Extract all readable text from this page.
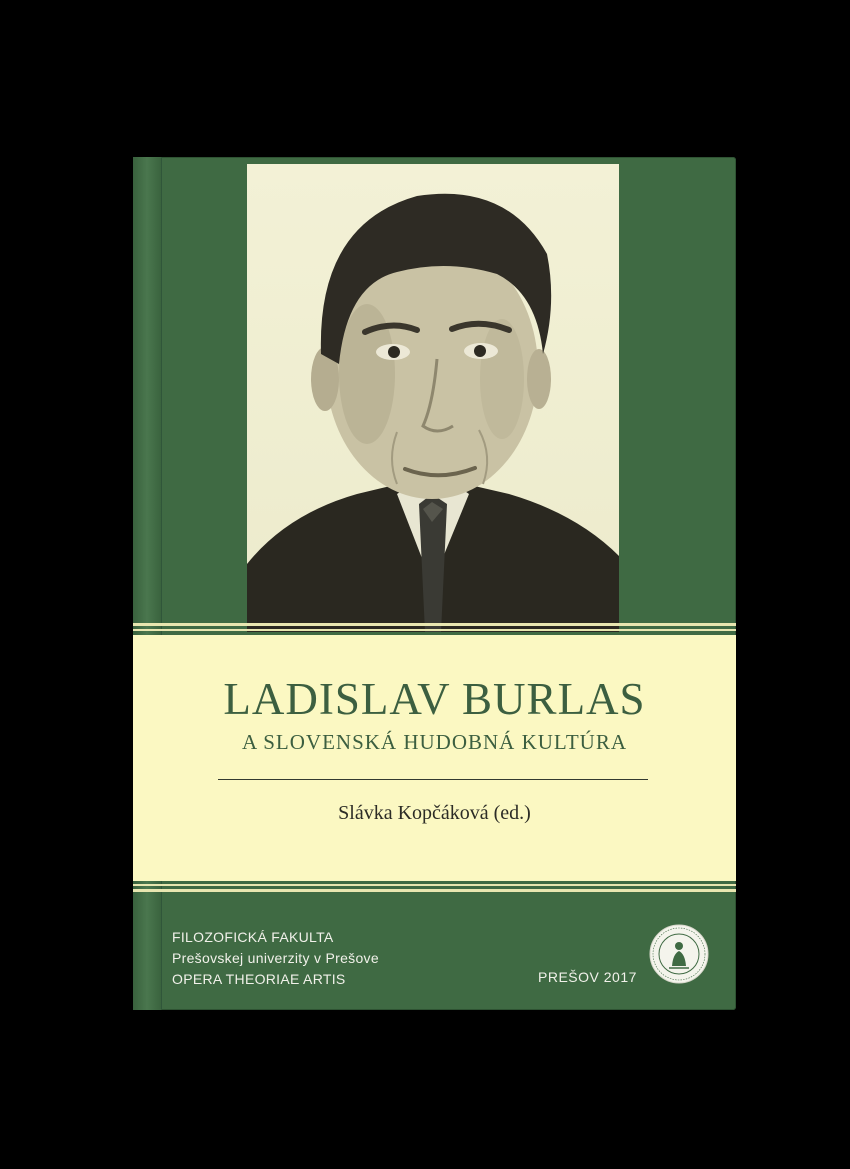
LADISLAV BURLAS
A SLOVENSKÁ HUDOBNÁ KULTÚRA
Slávka Kopčáková (ed.)
FILOZOFICKÁ FAKULTA
Prešovskej univerzity v Prešove
OPERA THEORIAE ARTIS	PREŠOV 2017
